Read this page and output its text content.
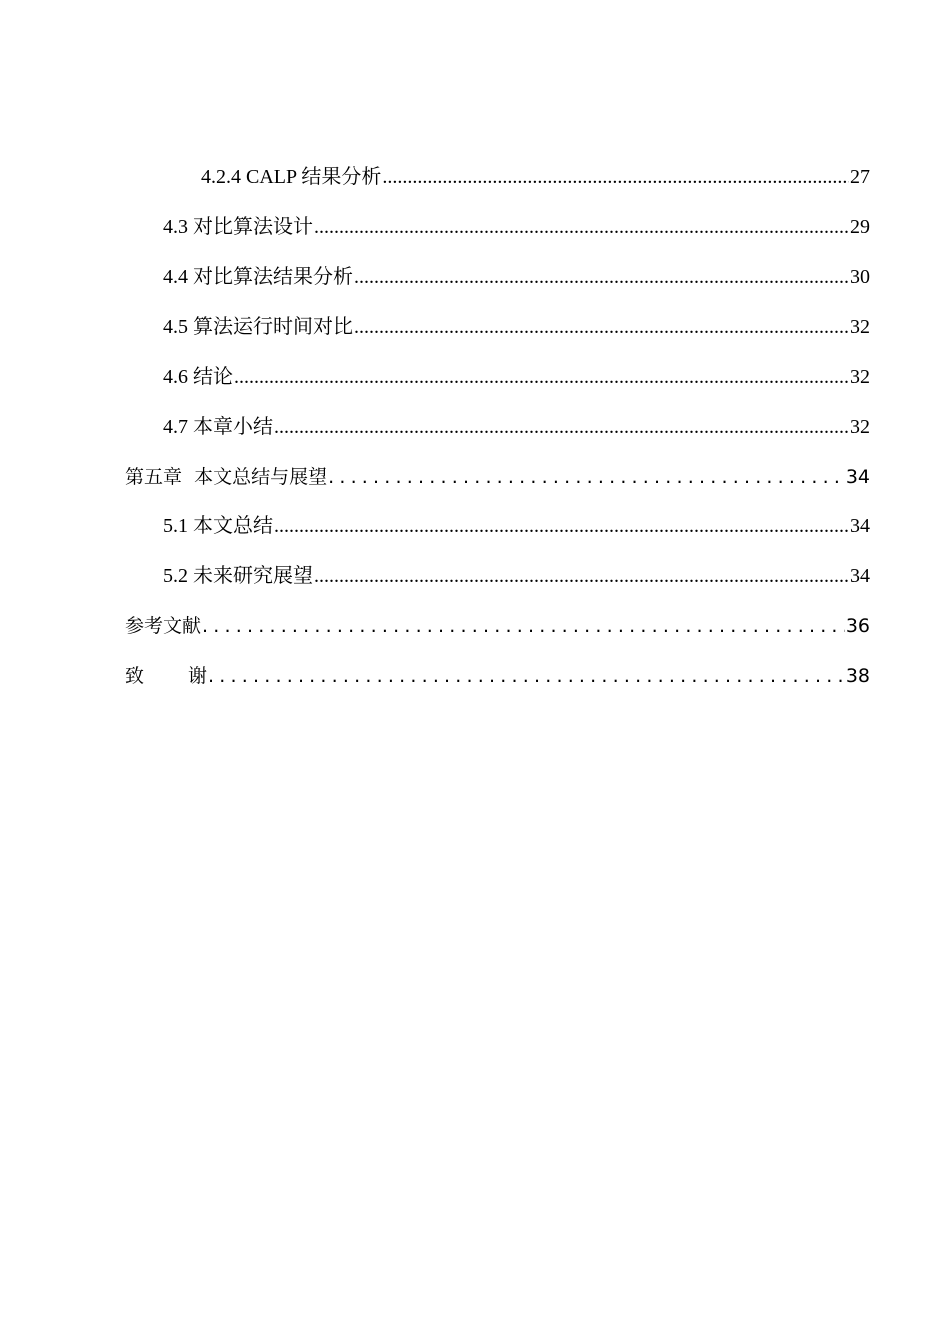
4.2.4 CALP 结果分析 .....	27
4.3 对比算法设计 .....	29
4.4 对比算法结果分析 .....	30
4.5 算法运行时间对比 .....	32
4.6 结论 .....	32
4.7 本章小结 .....	32
第五章  本文总结与展望 .....	34
5.1 本文总结 .....	34
5.2 未来研究展望 .....	34
参考文献 .....	36
致 谢 .....	38
